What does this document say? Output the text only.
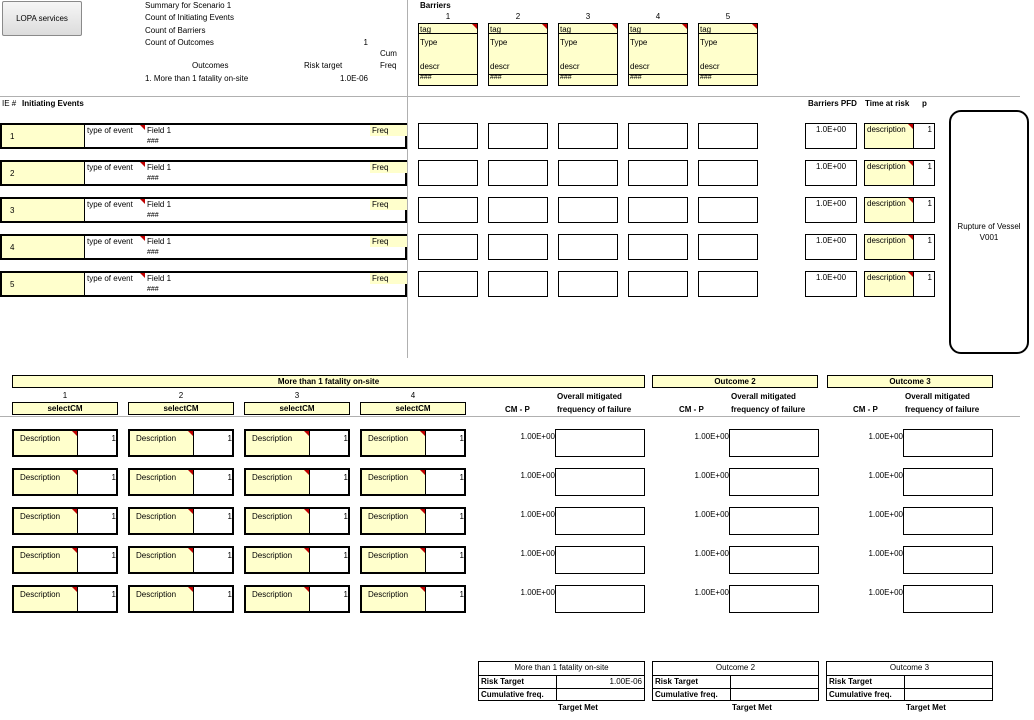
LOPA services
Summary for Scenario 1
Count of Initiating Events
Count of Barriers
Count of Outcomes	1
Cum
Outcomes	Risk target	Freq
1. More than 1 fatality on-site	1.0E-06
Barriers
1
tag
Type
descr
###
2
tag
Type
descr
###
3
tag
Type
descr
###
4
tag
Type
descr
###
5
tag
Type
descr
###
IE # Initiating Events	Barriers PFD Time at risk p
1
type of event Field 1
###
Freq	1.0E+00	description	1
2
type of event Field 1
###
Freq	1.0E+00	description	1
3
type of event Field 1
###
Freq	1.0E+00	description	1
4
type of event Field 1
###
Freq	1.0E+00	description	1
5
type of event Field 1
###
Freq	1.0E+00	description	1
Rupture of Vessel
V001
More than 1 fatality on-site	Outcome 2	Outcome 3
1
selectCM
2
selectCM
3
selectCM
4
selectCM	CM - P
Overall mitigated
frequency of failure	CM - P
Overall mitigated
frequency of failure	CM - P
Overall mitigated
frequency of failure
Description	1	Description	1	Description	1	Description	1	1.00E+00	1.00E+00	1.00E+00
Description	1	Description	1	Description	1	Description	1	1.00E+00	1.00E+00	1.00E+00
Description	1	Description	1	Description	1	Description	1	1.00E+00	1.00E+00	1.00E+00
Description	1	Description	1	Description	1	Description	1	1.00E+00	1.00E+00	1.00E+00
Description	1	Description	1	Description	1	Description	1	1.00E+00	1.00E+00	1.00E+00
More than 1 fatality on-site
Risk Target	1.00E-06
Cumulative freq.
Target Met
Outcome 2
Risk Target
Cumulative freq.
Target Met
Outcome 3
Risk Target
Cumulative freq.
Target Met
